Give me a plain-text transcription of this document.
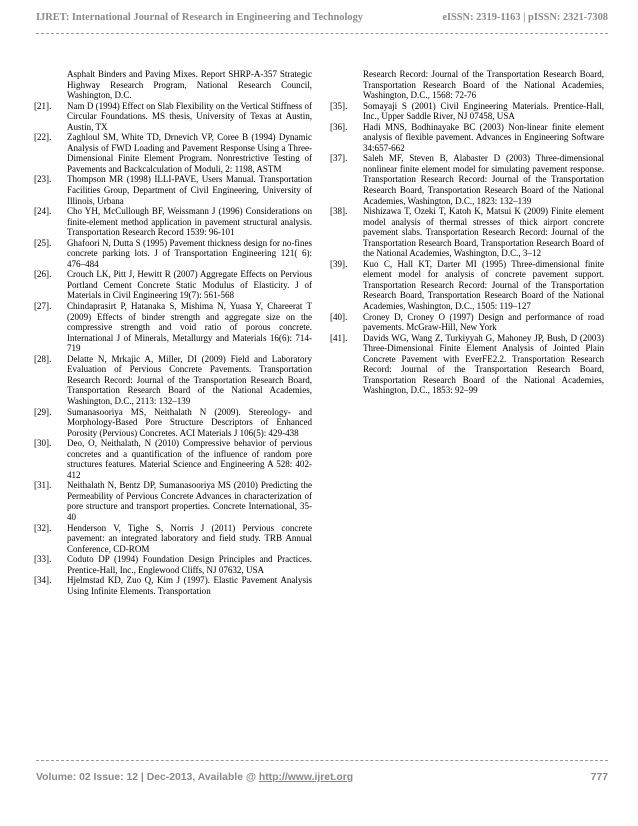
IJRET: International Journal of Research in Engineering and Technology	eISSN: 2319-1163 | pISSN: 2321-7308
Asphalt Binders and Paving Mixes. Report SHRP-A-357 Strategic Highway Research Program, National Research Council, Washington, D.C.
[21].	Nam D (1994) Effect on Slab Flexibility on the Vertical Stiffness of Circular Foundations. MS thesis, University of Texas at Austin, Austin, TX
[22].	Zaghloul SM, White TD, Drnevich VP, Coree B (1994) Dynamic Analysis of FWD Loading and Pavement Response Using a Three-Dimensional Finite Element Program. Nonrestrictive Testing of Pavements and Backcalculation of Moduli, 2: 1198, ASTM
[23].	Thompson MR (1998) ILLI-PAVE, Users Manual. Transportation Facilities Group, Department of Civil Engineering, University of Illinois, Urbana
[24].	Cho YH, McCullough BF, Weissmann J (1996) Considerations on finite-element method application in pavement structural analysis. Transportation Research Record 1539: 96-101
[25].	Ghafoori N, Dutta S (1995) Pavement thickness design for no-fines concrete parking lots. J of Transportation Engineering 121( 6): 476–484
[26].	Crouch LK, Pitt J, Hewitt R (2007) Aggregate Effects on Pervious Portland Cement Concrete Static Modulus of Elasticity. J of Materials in Civil Engineering 19(7): 561-568
[27].	Chindaprasirt P, Hatanaka S, Mishima N, Yuasa Y, Chareerat T (2009) Effects of binder strength and aggregate size on the compressive strength and void ratio of porous concrete. International J of Minerals, Metallurgy and Materials 16(6): 714-719
[28].	Delatte N, Mrkajic A, Miller, DI (2009) Field and Laboratory Evaluation of Pervious Concrete Pavements. Transportation Research Record: Journal of the Transportation Research Board, Transportation Research Board of the National Academies, Washington, D.C., 2113: 132–139
[29].	Sumanasooriya MS, Neithalath N (2009). Stereology- and Morphology-Based Pore Structure Descriptors of Enhanced Porosity (Pervious) Concretes. ACI Materials J 106(5): 429-438
[30].	Deo, O, Neithalath, N (2010) Compressive behavior of pervious concretes and a quantification of the influence of random pore structures features. Material Science and Engineering A 528: 402-412
[31].	Neithalath N, Bentz DP, Sumanasooriya MS (2010) Predicting the Permeability of Pervious Concrete Advances in characterization of pore structure and transport properties. Concrete International, 35-40
[32].	Henderson V, Tighe S, Norris J (2011) Pervious concrete pavement: an integrated laboratory and field study. TRB Annual Conference, CD-ROM
[33].	Coduto DP (1994) Foundation Design Principles and Practices. Prentice-Hall, Inc., Englewood Cliffs, NJ 07632, USA
[34].	Hjelmstad KD, Zuo Q, Kim J (1997). Elastic Pavement Analysis Using Infinite Elements. Transportation
Research Record: Journal of the Transportation Research Board, Transportation Research Board of the National Academies, Washington, D.C., 1568: 72-76
[35].	Somayaji S (2001) Civil Engineering Materials. Prentice-Hall, Inc., Upper Saddle River, NJ 07458, USA
[36].	Hadi MNS, Bodhinayake BC (2003) Non-linear finite element analysis of flexible pavement. Advances in Engineering Software 34:657-662
[37].	Saleh MF, Steven B, Alabaster D (2003) Three-dimensional nonlinear finite element model for simulating pavement response. Transportation Research Record: Journal of the Transportation Research Board, Transportation Research Board of the National Academies, Washington, D.C., 1823: 132–139
[38].	Nishizawa T, Ozeki T, Katoh K, Matsui K (2009) Finite element model analysis of thermal stresses of thick airport concrete pavement slabs. Transportation Research Record: Journal of the Transportation Research Board, Transportation Research Board of the National Academies, Washington, D.C., 3–12
[39].	Kuo C, Hall KT, Darter MI (1995) Three-dimensional finite element model for analysis of concrete pavement support. Transportation Research Record: Journal of the Transportation Research Board, Transportation Research Board of the National Academies, Washington, D.C., 1505: 119–127
[40].	Croney D, Croney O (1997) Design and performance of road pavements. McGraw-Hill, New York
[41].	Davids WG, Wang Z, Turkiyyah G, Mahoney JP, Bush, D (2003) Three-Dimensional Finite Element Analysis of Jointed Plain Concrete Pavement with EverFE2.2. Transportation Research Record: Journal of the Transportation Research Board, Transportation Research Board of the National Academies, Washington, D.C., 1853: 92–99
Volume: 02 Issue: 12 | Dec-2013, Available @ http://www.ijret.org	777
